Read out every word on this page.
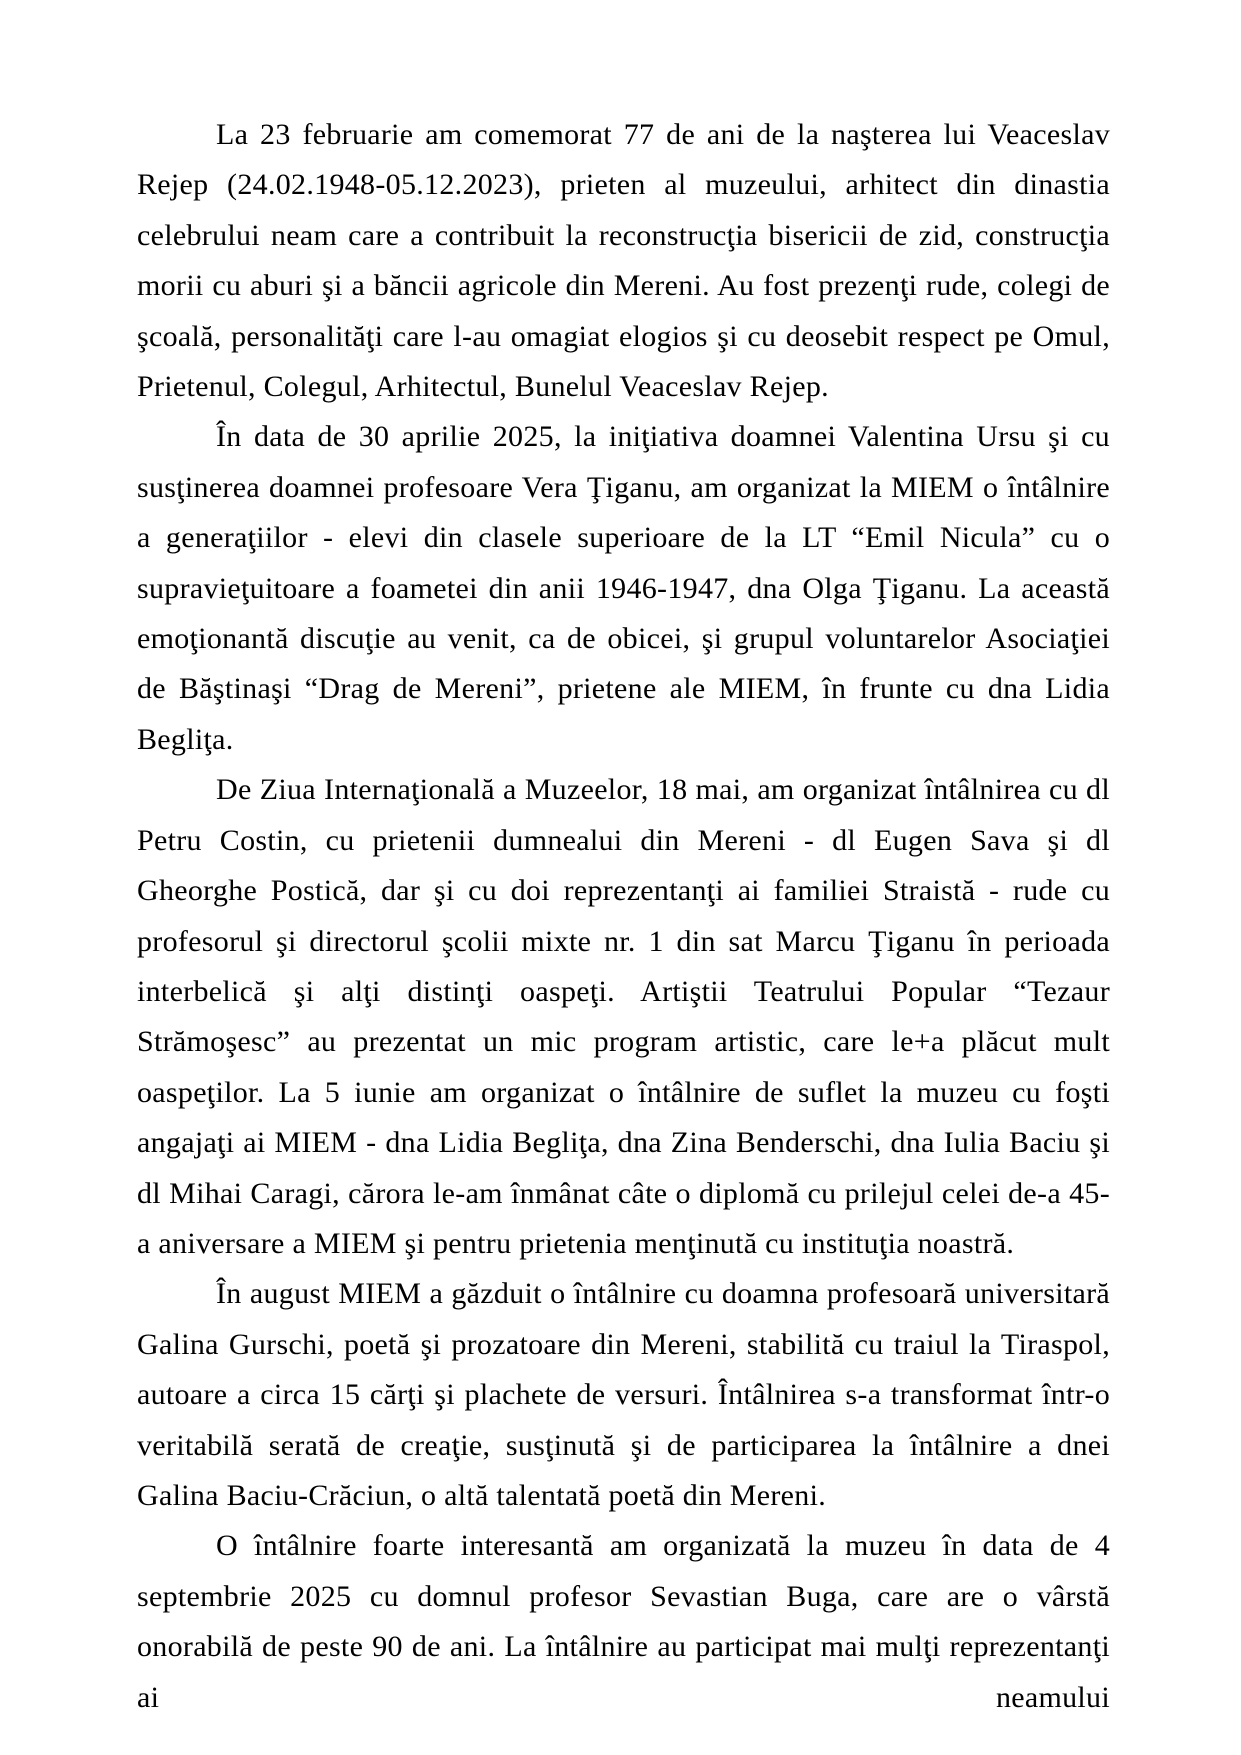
La 23 februarie am comemorat 77 de ani de la naşterea lui Veaceslav Rejep (24.02.1948-05.12.2023), prieten al muzeului, arhitect din dinastia celebrului neam care a contribuit la reconstrucţia bisericii de zid, construcţia morii cu aburi şi a băncii agricole din Mereni. Au fost prezenţi rude, colegi de şcoală, personalităţi care l-au omagiat elogios şi cu deosebit respect pe Omul, Prietenul, Colegul, Arhitectul, Bunelul Veaceslav Rejep.

În data de 30 aprilie 2025, la iniţiativa doamnei Valentina Ursu şi cu susţinerea doamnei profesoare Vera Ţiganu, am organizat la MIEM o întâlnire a generaţiilor - elevi din clasele superioare de la LT “Emil Nicula” cu o supravieţuitoare a foametei din anii 1946-1947, dna Olga Ţiganu. La această emoţionantă discuţie au venit, ca de obicei, şi grupul voluntarelor Asociaţiei de Băştinaşi “Drag de Mereni”, prietene ale MIEM, în frunte cu dna Lidia Begliţa.

De Ziua Internaţională a Muzeelor, 18 mai, am organizat întâlnirea cu dl Petru Costin, cu prietenii dumnealui din Mereni - dl Eugen Sava şi dl Gheorghe Postică, dar şi cu doi reprezentanţi ai familiei Straistă - rude cu profesorul şi directorul şcolii mixte nr. 1 din sat Marcu Ţiganu în perioada interbelică şi alţi distinţi oaspeţi. Artiştii Teatrului Popular “Tezaur Strămoşesc” au prezentat un mic program artistic, care le+a plăcut mult oaspeţilor. La 5 iunie am organizat o întâlnire de suflet la muzeu cu foşti angajaţi ai MIEM - dna Lidia Begliţa, dna Zina Benderschi, dna Iulia Baciu şi dl Mihai Caragi, cărora le-am înmânat câte o diplomă cu prilejul celei de-a 45-a aniversare a MIEM şi pentru prietenia menţinută cu instituţia noastră.

În august MIEM a găzduit o întâlnire cu doamna profesoară universitară Galina Gurschi, poetă şi prozatoare din Mereni, stabilită cu traiul la Tiraspol, autoare a circa 15 cărţi şi plachete de versuri. Întâlnirea s-a transformat într-o veritabilă serată de creaţie, susţinută şi de participarea la întâlnire a dnei Galina Baciu-Crăciun, o altă talentată poetă din Mereni.

O întâlnire foarte interesantă am organizată la muzeu în data de 4 septembrie 2025 cu domnul profesor Sevastian Buga, care are o vârstă onorabilă de peste 90 de ani. La întâlnire au participat mai mulţi reprezentanţi ai neamului
